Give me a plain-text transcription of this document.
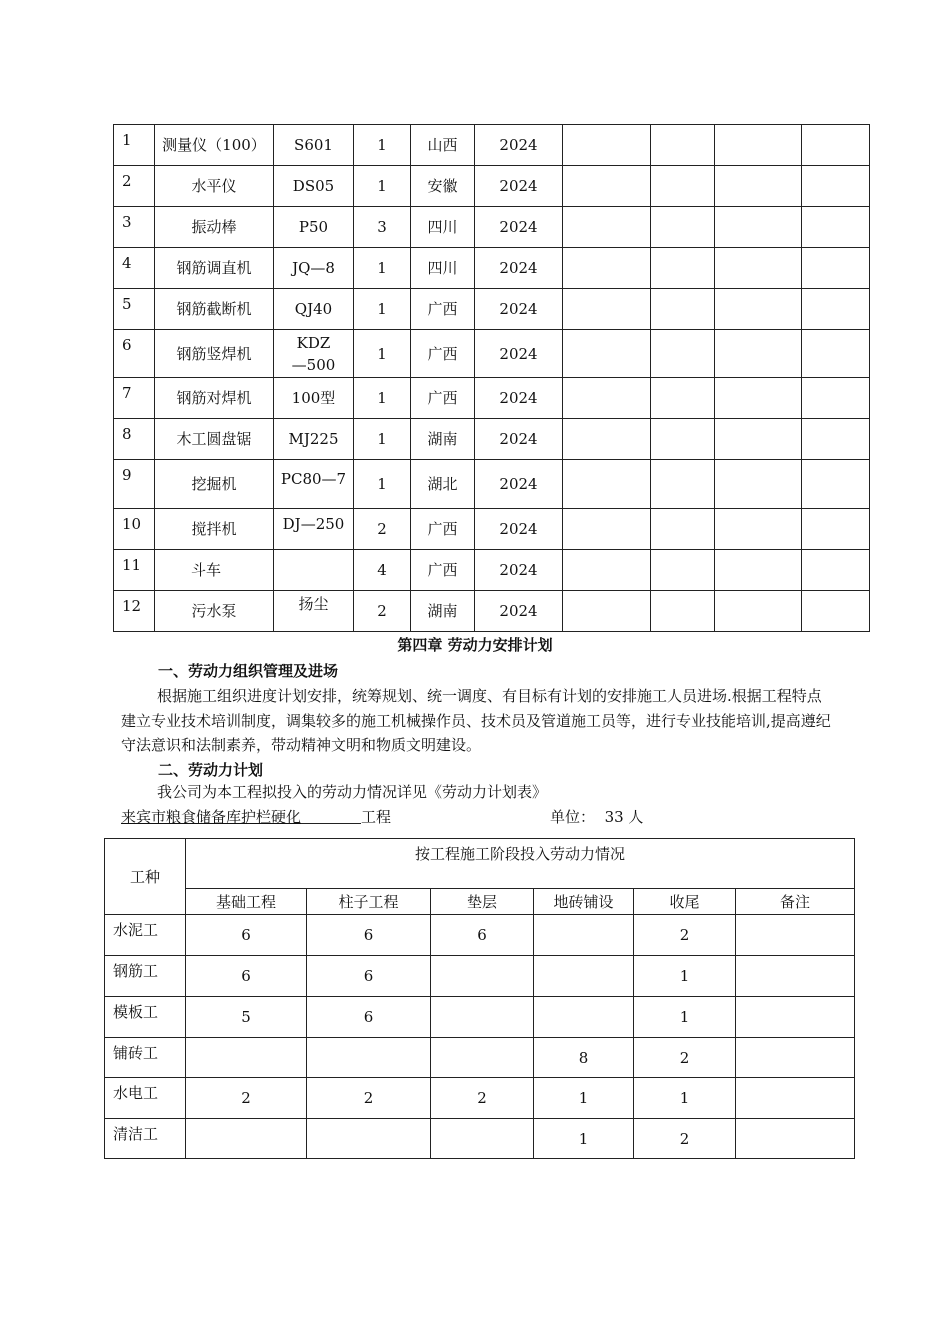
1	测量仪（100）	S601	1	山西	2024				
2	水平仪	DS05	1	安徽	2024				
3	振动棒	P50	3	四川	2024				
4	钢筋调直机	JQ—8	1	四川	2024				
5	钢筋截断机	QJ40	1	广西	2024				
6	钢筋竖焊机	KDZ—500	1	广西	2024				
7	钢筋对焊机	100型	1	广西	2024				
8	木工圆盘锯	MJ225	1	湖南	2024				
9	挖掘机	PC80—7	1	湖北	2024				
10	搅拌机	DJ—250	2	广西	2024				
11	斗车		4	广西	2024				
12	污水泵	扬尘	2	湖南	2024				
第四章 劳动力安排计划
一、劳动力组织管理及进场
根据施工组织进度计划安排，统筹规划、统一调度、有目标有计划的安排施工人员进场.根据工程特点建立专业技术培训制度，调集较多的施工机械操作员、技术员及管道施工员等，进行专业技能培训,提高遵纪守法意识和法制素养，带动精神文明和物质文明建设。
二、劳动力计划
我公司为本工程拟投入的劳动力情况详见《劳动力计划表》
来宾市粮食储备库护栏硬化	工程	单位： 33 人
工种	按工程施工阶段投入劳动力情况					
	基础工程	柱子工程	垫层	地砖铺设	收尾	备注
水泥工	6	6	6		2	
钢筋工	6	6			1	
模板工	5	6			1	
铺砖工				8	2	
水电工	2	2	2	1	1	
清洁工				1	2	
